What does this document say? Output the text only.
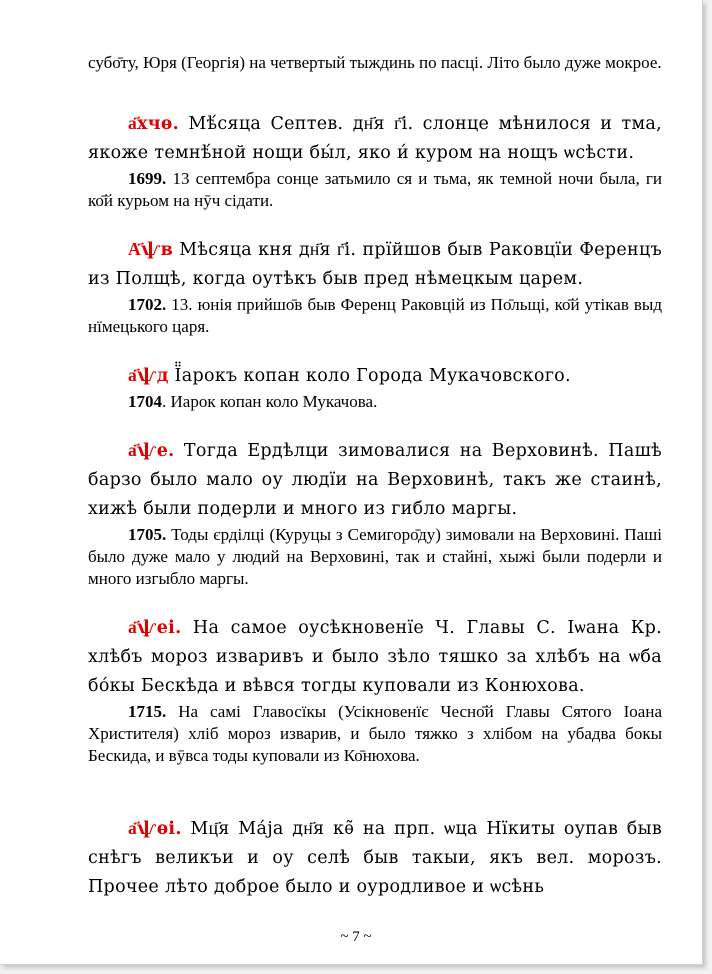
субо̄ту, Юря (Георгія) на четвертый тыждинь по пасці. Літо было дуже мокрое.

а҃хчѳ. Мѣ́сяца Септев. дн҃я г҃і. слонце мѣнилося и тма, якоже темнѣ́ной нощи бы́л, яко и́ куром на нощъ ѡсѣсти.

1699. 13 септембра сонце затьмило ся и тьма, як темной ночи была, ги ко̄й курьом на нӯч сідати.

А҃ѱв Мѣсяца кня дн҃я г҃і. прїйшов быв Раковцїи Ференцъ из Полщѣ, когда оутѣкъ быв пред нѣмецкым царем.

1702. 13. юнія прийшо̄в быв Ференц Раковцій из По̄льщі, ко̄й утікав выд нїмецького царя.

а҃ѱд Ї̈арокъ копан коло Города Мукачовского.

1704. Иарок копан коло Мукачова.

а҃ѱе. Тогда Ердѣлци зимовалися на Верховинѣ. Пашѣ барзо было мало оу людїи на Верховинѣ, такъ же стаинѣ, хижѣ были подерли и много из гибло маргы.

1705. Тоды єрділці (Куруцы з Семигоро̄ду) зимовали на Верховині. Паші было дуже мало у людий на Верховині, так и стайні, хыжі были подерли и много изгыбло маргы.

а҃ѱеі. На самое оусѣкновенїе Ч. Главы С. Іѡана Кр. хлѣбъ мороз изваривъ и было зѣло тяшко за хлѣбъ на ѡба бо́кы Бескѣда и вѣвся тогды куповали из Конюхова.

1715. На самі Главосїкы (Усікновенїє Чесно̄й Главы Сятого Іоана Христителя) хліб мороз изварив, и было тяжко з хлібом на убадва бокы Бескида, и вӯвса тоды куповали из Ко̄нюхова.

а҃ѱѳі. Мц҃я Мája дн҃я кѳ̃ на прп. ѡца Нїкиты оупав быв снѣгъ великъи и оу селѣ быв такыи, якъ вел. морозъ. Прочее лѣто доброе было и оуродливое и ѡсѣнь

~ 7 ~
